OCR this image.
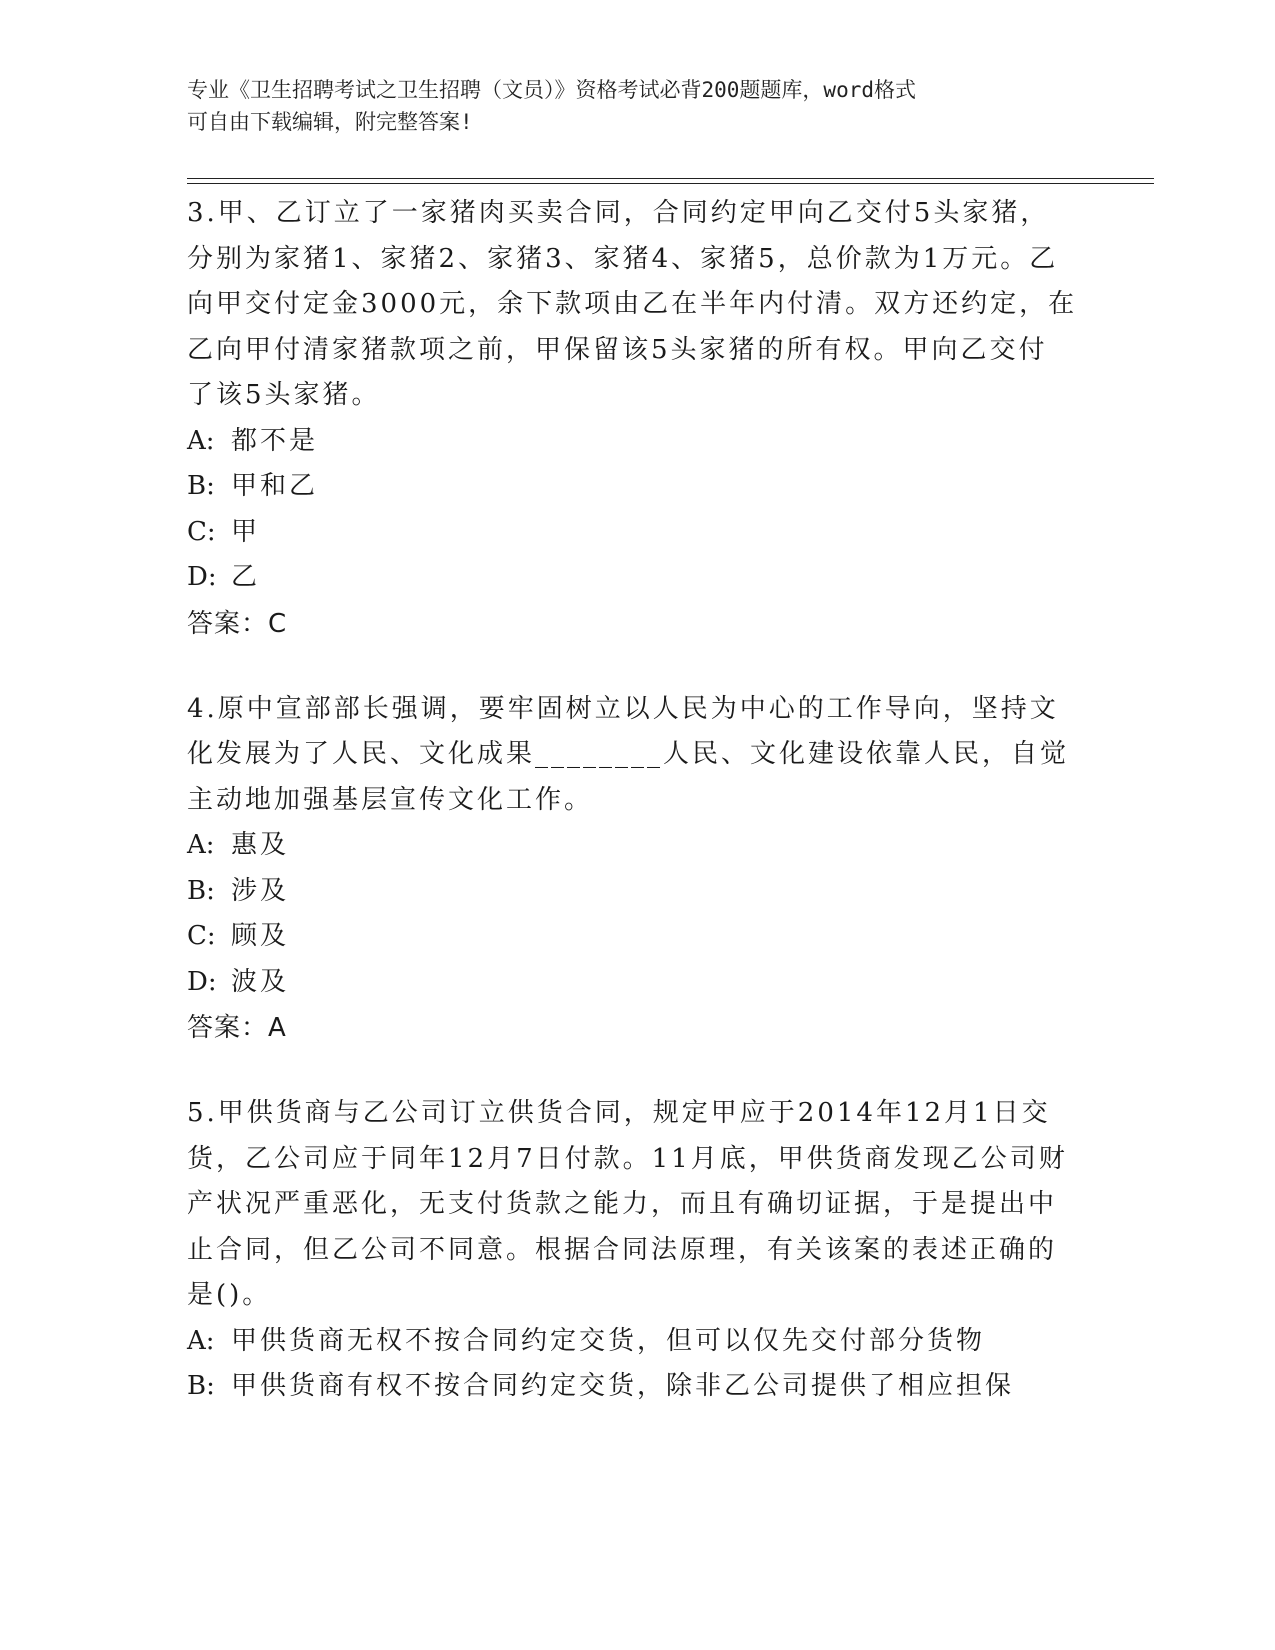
专业《卫生招聘考试之卫生招聘（文员）》资格考试必背200题题库，word格式
可自由下载编辑，附完整答案!

3.甲、乙订立了一家猪肉买卖合同，合同约定甲向乙交付5头家猪，
分别为家猪1、家猪2、家猪3、家猪4、家猪5，总价款为1万元。乙
向甲交付定金3000元，余下款项由乙在半年内付清。双方还约定，在
乙向甲付清家猪款项之前，甲保留该5头家猪的所有权。甲向乙交付
了该5头家猪。

A: 都不是
B: 甲和乙
C: 甲
D: 乙
答案：C

4.原中宣部部长强调，要牢固树立以人民为中心的工作导向，坚持文
化发展为了人民、文化成果________人民、文化建设依靠人民，自觉
主动地加强基层宣传文化工作。

A: 惠及
B: 涉及
C: 顾及
D: 波及
答案：A

5.甲供货商与乙公司订立供货合同，规定甲应于2014年12月1日交
货，乙公司应于同年12月7日付款。11月底，甲供货商发现乙公司财
产状况严重恶化，无支付货款之能力，而且有确切证据，于是提出中
止合同，但乙公司不同意。根据合同法原理，有关该案的表述正确的
是()。

A: 甲供货商无权不按合同约定交货，但可以仅先交付部分货物
B: 甲供货商有权不按合同约定交货，除非乙公司提供了相应担保
